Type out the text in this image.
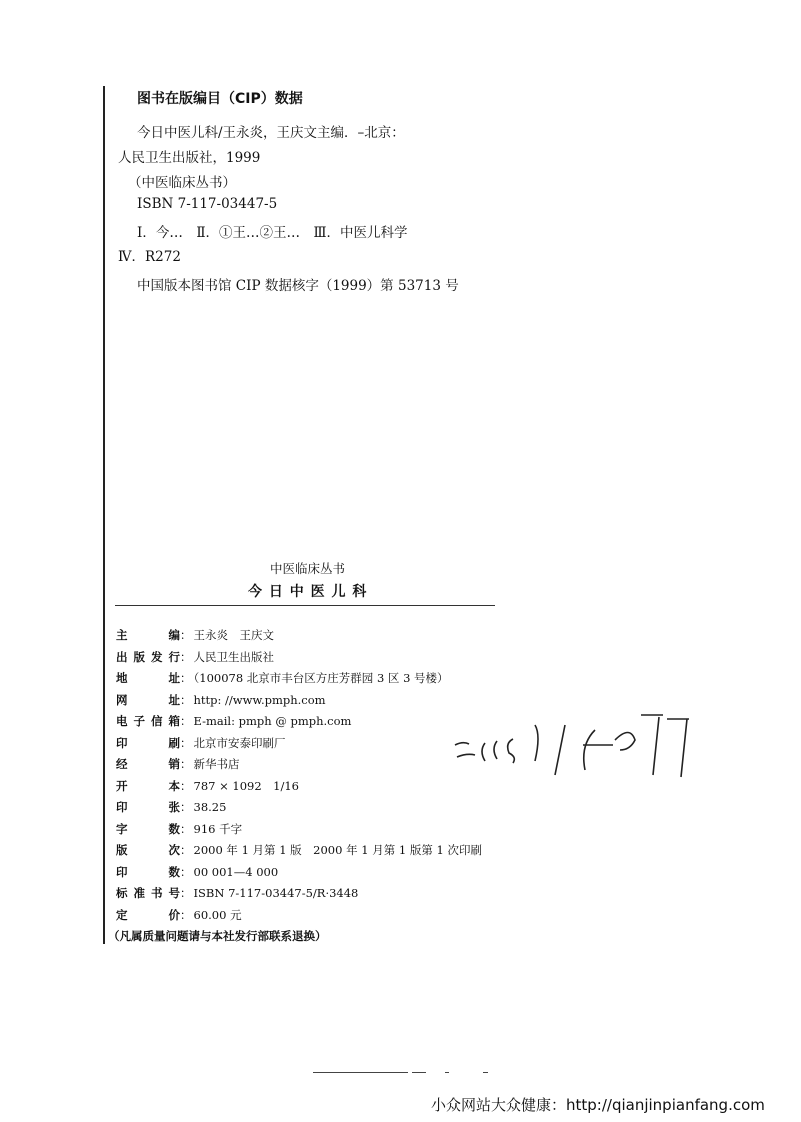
图书在版编目（CIP）数据
今日中医儿科/王永炎，王庆文主编．–北京：
人民卫生出版社，1999
（中医临床丛书）
ISBN 7-117-03447-5
Ⅰ．今…　Ⅱ．①王…②王…　Ⅲ．中医儿科学
Ⅳ．R272
中国版本图书馆 CIP 数据核字（1999）第 53713 号
中医临床丛书
今 日 中 医 儿 科
主编： 王永炎　王庆文
出版发行： 人民卫生出版社
地址： （100078 北京市丰台区方庄芳群园 3 区 3 号楼）
网址： http: //www.pmph.com
电子信箱： E-mail: pmph @ pmph.com
印刷： 北京市安泰印刷厂
经销： 新华书店
开本： 787 × 1092　1/16
印张： 38.25
字数： 916 千字
版次： 2000 年 1 月第 1 版　2000 年 1 月第 1 版第 1 次印刷
印数： 00 001—4 000
标准书号： ISBN 7-117-03447-5/R·3448
定价： 60.00 元
（凡属质量问题请与本社发行部联系退换）
小众网站大众健康：http://qianjinpianfang.com
